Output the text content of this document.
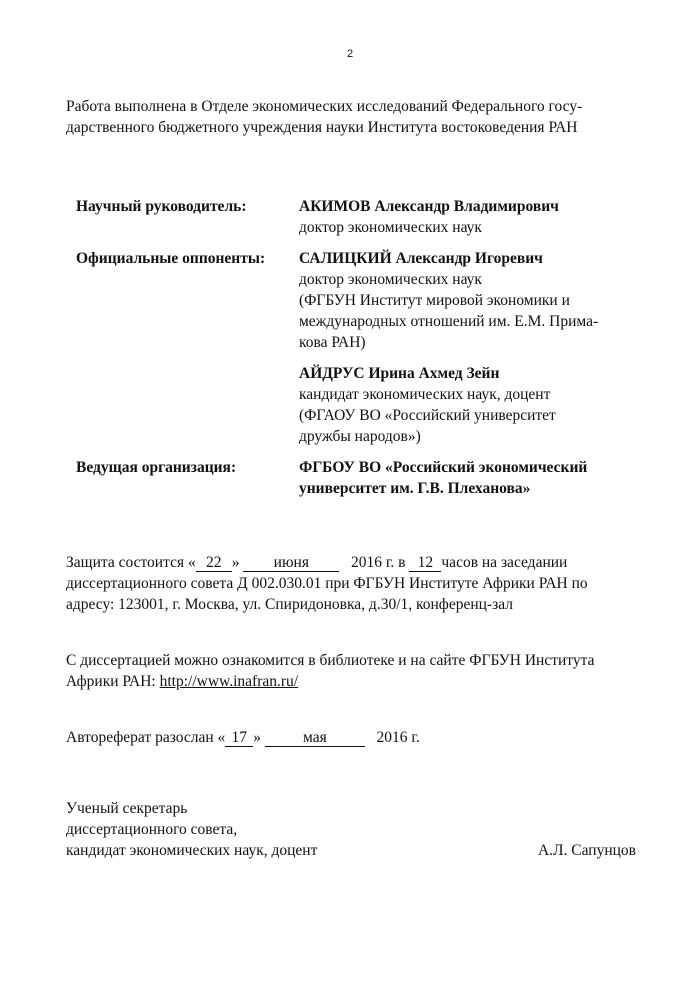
2

Работа выполнена в Отделе экономических исследований Федерального госу-

дарственного бюджетного учреждения науки Института востоковедения РАН

Научный руководитель:	АКИМОВ Александр Владимирович
доктор экономических наук
Официальные оппоненты:	САЛИЦКИЙ Александр Игоревич
доктор экономических наук
(ФГБУН Институт мировой экономики и
международных отношений им. Е.М. Прима-
кова РАН)
АЙДРУС Ирина Ахмед Зейн
кандидат экономических наук, доцент
(ФГАОУ ВО «Российский университет
дружбы народов»)
Ведущая организация:	ФГБОУ ВО «Российский экономический
университет им. Г.В. Плеханова»

Защита состоится « 22 » июня	2016 г. в 12 часов на заседании

диссертационного совета Д 002.030.01 при ФГБУН Институте Африки РАН по

адресу: 123001, г. Москва, ул. Спиридоновка, д.30/1, конференц-зал

С диссертацией можно ознакомится в библиотеке и на сайте ФГБУН Института

Африки РАН: http://www.inafran.ru/

Автореферат разослан « 17 »	мая	2016 г.

Ученый секретарь

диссертационного совета,

кандидат экономических наук, доцент	А.Л. Сапунцов
